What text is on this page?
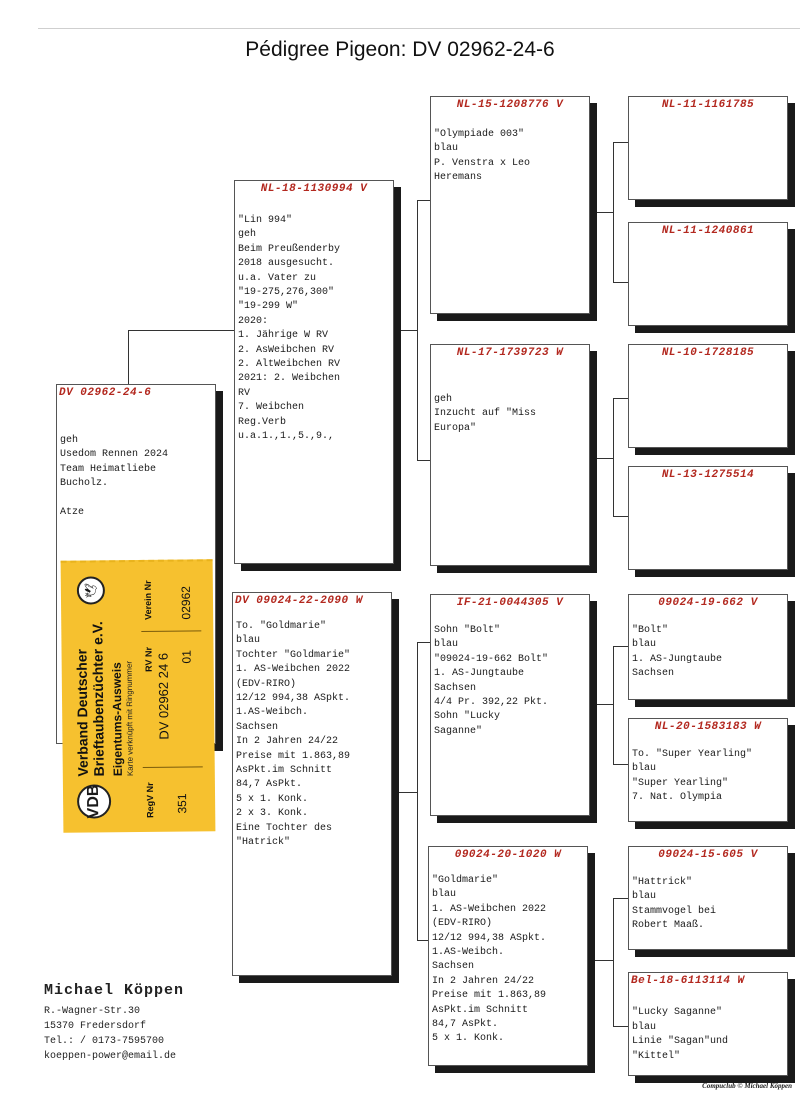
Pédigree Pigeon: DV 02962-24-6
DV 02962-24-6
geh
Usedom Rennen 2024
Team Heimatliebe
Bucholz.

Atze
VDB
Verband Deutscher
Brieftaubenzüchter e.V. Eigentums-Ausweis Karte verknüpft mit Ringnummer DV 02962 24 6
RegV Nr 351
RV Nr 01
Verein Nr 02962
🕊
NL-18-1130994 V
"Lin 994"
geh
Beim Preußenderby
2018 ausgesucht.
u.a. Vater zu
"19-275,276,300"
"19-299 W"
2020:
1. Jährige W RV
2. AsWeibchen RV
2. AltWeibchen RV
2021: 2. Weibchen
RV
7. Weibchen
Reg.Verb
u.a.1.,1.,5.,9.,
DV 09024-22-2090 W
To. "Goldmarie"
blau
Tochter "Goldmarie"
1. AS-Weibchen 2022
(EDV-RIRO)
12/12 994,38 ASpkt.
1.AS-Weibch.
Sachsen
In 2 Jahren 24/22
Preise mit 1.863,89
AsPkt.im Schnitt
84,7 AsPkt.
5 x 1. Konk.
2 x 3. Konk.
Eine Tochter des
"Hatrick"
NL-15-1208776 V
"Olympiade 003"
blau
P. Venstra x Leo
Heremans
NL-17-1739723 W

geh
Inzucht auf "Miss
Europa"
IF-21-0044305 V
Sohn "Bolt"
blau
"09024-19-662 Bolt"
1. AS-Jungtaube
Sachsen
4/4 Pr. 392,22 Pkt.
Sohn "Lucky
Saganne"
09024-20-1020 W
"Goldmarie"
blau
1. AS-Weibchen 2022
(EDV-RIRO)
12/12 994,38 ASpkt.
1.AS-Weibch.
Sachsen
In 2 Jahren 24/22
Preise mit 1.863,89
AsPkt.im Schnitt
84,7 AsPkt.
5 x 1. Konk.
NL-11-1161785
NL-11-1240861
NL-10-1728185
NL-13-1275514
09024-19-662 V
"Bolt"
blau
1. AS-Jungtaube
Sachsen
NL-20-1583183 W
To. "Super Yearling"
blau
"Super Yearling"
7. Nat. Olympia
09024-15-605 V
"Hattrick"
blau
Stammvogel bei
Robert Maaß.
Bel-18-6113114 W

"Lucky Saganne"
blau
Linie "Sagan"und
"Kittel"
Michael Köppen
R.-Wagner-Str.30
15370 Fredersdorf
Tel.: / 0173-7595700
koeppen-power@email.de
Compuclub © Michael Köppen
